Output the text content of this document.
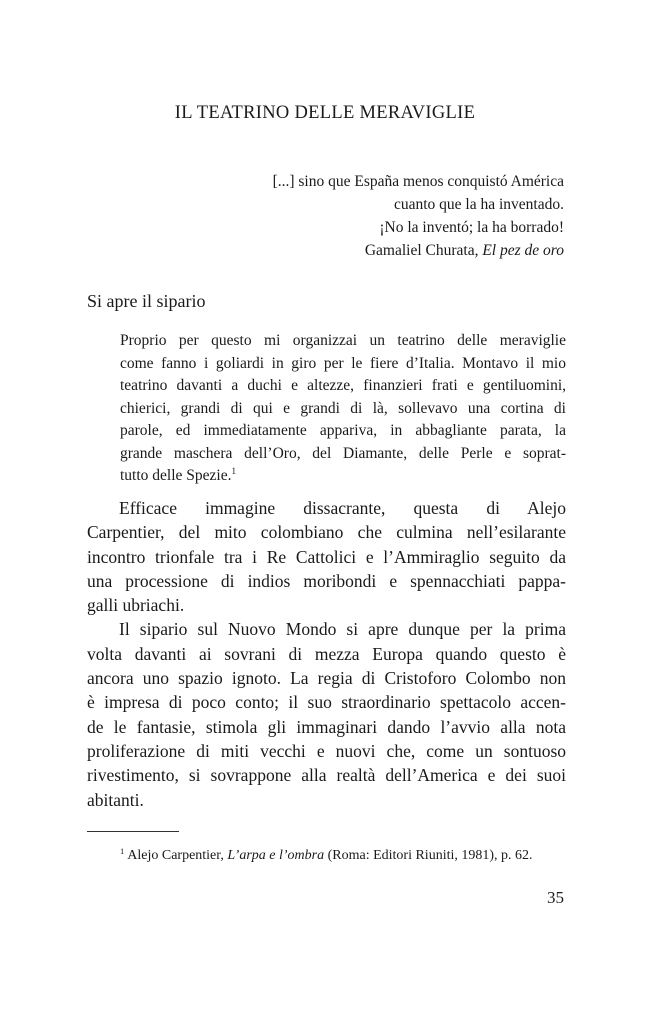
IL TEATRINO DELLE MERAVIGLIE
[...] sino que España menos conquistó América
cuanto que la ha inventado.
¡No la inventó; la ha borrado!
Gamaliel Churata, El pez de oro
Si apre il sipario
Proprio per questo mi organizzai un teatrino delle meraviglie
come fanno i goliardi in giro per le fiere d’Italia. Montavo il mio
teatrino davanti a duchi e altezze, finanzieri frati e gentiluomini,
chierici, grandi di qui e grandi di là, sollevavo una cortina di
parole, ed immediatamente appariva, in abbagliante parata, la
grande maschera dell’Oro, del Diamante, delle Perle e soprat-
tutto delle Spezie.$^1$
Efficace immagine dissacrante, questa di Alejo
Carpentier, del mito colombiano che culmina nell’esilarante
incontro trionfale tra i Re Cattolici e l’Ammiraglio seguito da
una processione di indios moribondi e spennacchiati pappa-
galli ubriachi.
Il sipario sul Nuovo Mondo si apre dunque per la prima
volta davanti ai sovrani di mezza Europa quando questo è
ancora uno spazio ignoto. La regia di Cristoforo Colombo non
è impresa di poco conto; il suo straordinario spettacolo accen-
de le fantasie, stimola gli immaginari dando l’avvio alla nota
proliferazione di miti vecchi e nuovi che, come un sontuoso
rivestimento, si sovrappone alla realtà dell’America e dei suoi
abitanti.
$^1$ Alejo Carpentier, L’arpa e l’ombra (Roma: Editori Riuniti, 1981), p. 62.
35
